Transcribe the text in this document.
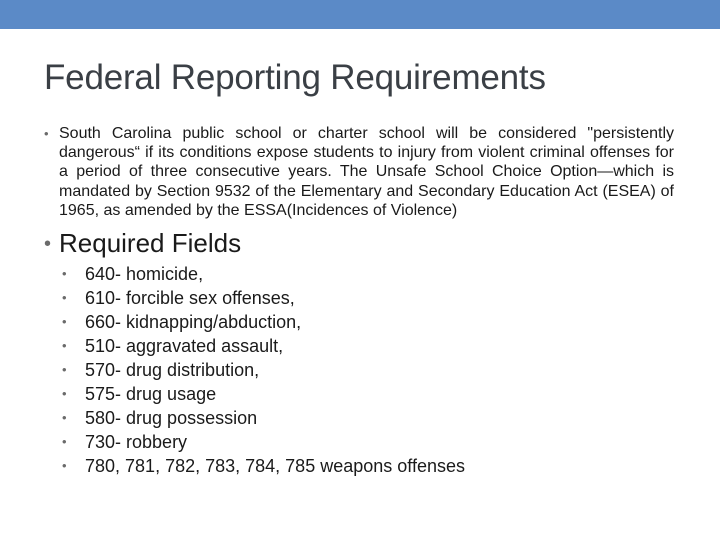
Federal Reporting Requirements
• South Carolina public school or charter school will be considered "persistently dangerous“ if its conditions expose students to injury from violent criminal offenses for a period of three consecutive years. The Unsafe School Choice Option—which is mandated by Section 9532 of the Elementary and Secondary Education Act (ESEA) of 1965, as amended by the ESSA(Incidences of Violence)
• Required Fields
• 640- homicide,
• 610- forcible sex offenses,
• 660- kidnapping/abduction,
• 510- aggravated assault,
• 570- drug distribution,
• 575- drug usage
• 580- drug possession
• 730- robbery
• 780, 781, 782, 783, 784, 785 weapons offenses
